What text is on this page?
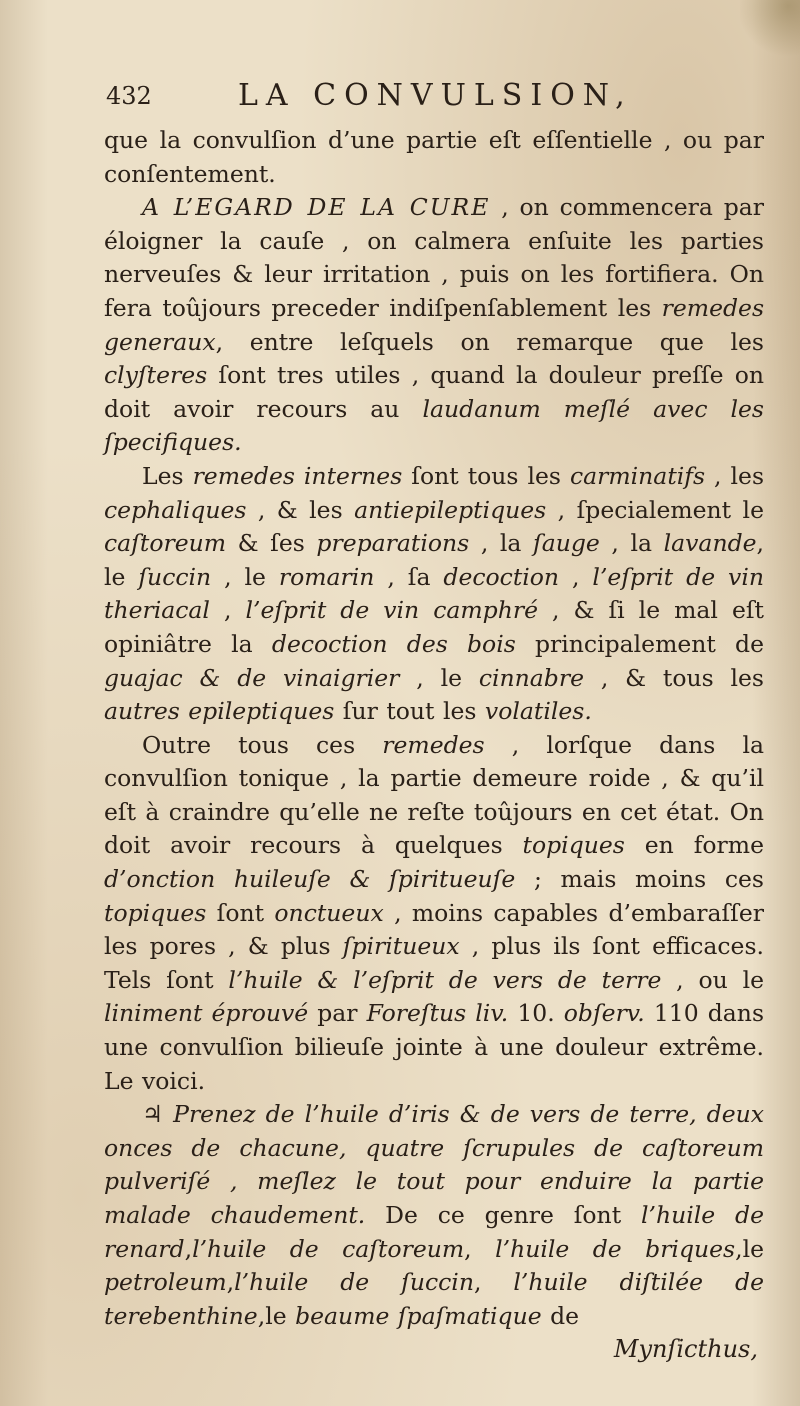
432	LA CONVULSION,

que la convulſion d’une partie eſt eſſentielle , ou par conſentement.

A L’EGARD DE LA CURE , on commencera par éloigner la cauſe , on calmera enſuite les parties nerveuſes & leur irritation , puis on les fortifiera. On fera toûjours preceder indiſpenſablement les remedes generaux, entre leſquels on remarque que les clyſteres ſont tres utiles , quand la douleur preſſe on doit avoir recours au laudanum meſlé avec les ſpecifiques.

Les remedes internes ſont tous les carminatifs , les cephaliques , & les antiepileptiques , ſpecialement le caſtoreum & ſes preparations , la ſauge , la lavande, le ſuccin , le romarin , ſa decoction , l’eſprit de vin theriacal , l’eſprit de vin camphré , & ſi le mal eſt opiniâtre la decoction des bois principalement de guajac & de vinaigrier , le cinnabre , & tous les autres epileptiques ſur tout les volatiles.

Outre tous ces remedes , lorſque dans la convulſion tonique , la partie demeure roide , & qu’il eſt à craindre qu’elle ne reſte toûjours en cet état. On doit avoir recours à quelques topiques en forme d’onction huileuſe & ſpiritueuſe ; mais moins ces topiques ſont onctueux , moins capables d’embaraſſer les pores , & plus ſpiritueux , plus ils ſont efficaces. Tels ſont l’huile & l’eſprit de vers de terre , ou le liniment éprouvé par Foreſtus liv. 10. obſerv. 110 dans une convulſion bilieuſe jointe à une douleur extrême. Le voici.

♃ Prenez de l’huile d’iris & de vers de terre, deux onces de chacune, quatre ſcrupules de caſtoreum pulveriſé , meſlez le tout pour enduire la partie malade chaudement. De ce genre ſont l’huile de renard,l’huile de caſtoreum, l’huile de briques,le petroleum,l’huile de ſuccin, l’huile diſtilée de terebenthine,le beaume ſpaſmatique de

Mynſicthus,
